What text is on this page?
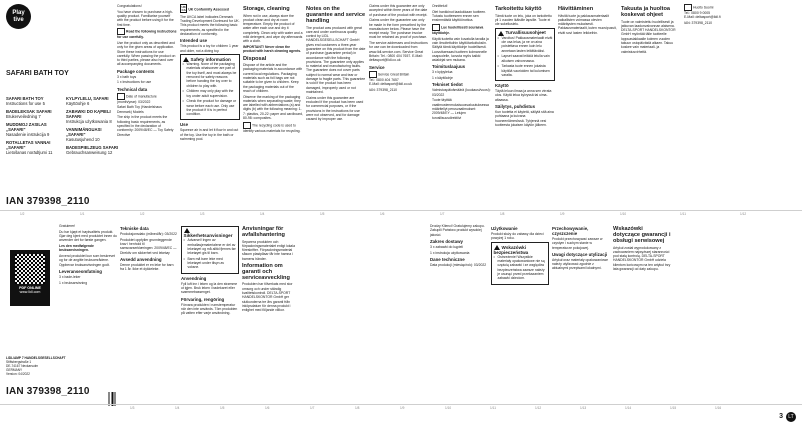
Play
tive
SAFARI BATH TOY
SAFARI BATH TOY
Instructions for use 5
BADELEKSAK SAFARI
Brukerveiledning 7
MUDDMOJ ZASILAS „SAFARI"
Nasadenie instrukcija 9
ROTALLETAS VANNAI „SAFARI"
Lietošanas norādījumi 11
KYLPYLELU, SAFARI
Käyttöohje 6
ZABAWKI DO KĄPIELI SAFARI
Instrukcja użytkowania 8
VANNIMÄNGUASI „SAFARI"
Kasutusjuhend 10
BADESPIELZEUG SAFARI
Gebrauchsanweisung 12
IAN 379398_2110
1/2	1/1	1/2	1/3	1/4	1/5	1/6	1/7	1/8	1/9	1/10	1/11	1/12

Congratulations!

You have chosen to purchase a high-quality product. Familiarise yourself with the product before using it for the first time.

Read the following instructions for use carefully.

Use the product only as described and only for the given areas of application. Store these instructions for use carefully. When passing the product on to third parties, please also hand over all accompanying documents.

Package contents

3 x bath toys

1 x Instructions for use

Technical data

Date of manufacture (month/year): 03/2022

Safari Bath Toy (Handelshaus Denmark) Models

The ship in the product meets the following basic requirements, as specified in the declaration of conformity: 2009/48/EC — Toy Safety Directive

UK
CA UK Conformity Assessed

The UKCA label indicates Denmark Trading Development Dortmund for UK. This product meets the following basic requirements, as specified in the declaration of conformity.

Intended use

This product is a toy for children 1 year and older, not a diving toy.

Safety information

• Warning. None of the packaging materials whatsoever are part of the toy itself, and must always be removed for safety reasons before handing the toy over to children to play with.

• Children may only play with the toy under adult supervision.

• Check the product for damage or wear before each use. Only use the product if it is in perfect condition.

Use

Squeeze air in and let it flow in and out of the toy. Use the toy in the bath or swimming pool.

Storage, cleaning

When not in use, always store the product clean and dry at room temperature. Empty the product of water after each use and dry it completely. Clean only with water and a mild detergent, and wipe dry afterwards with a cloth.

IMPORTANT! Never clean the product with harsh cleaning agents.

Disposal

Dispose of the article and the packaging materials in accordance with current local regulations. Packaging materials such as foil bags are not suitable to be given to children. Keep the packaging materials out of the reach of children.

Observe the marking of the packaging materials when separating waste; they are labelled with abbreviations (a) and digits (b) with the following meaning: 1-7: plastics, 20-22: paper and cardboard, 80-98: composites.

The recycling code is used to identify various materials for recycling.

Notes on the guarantee and service handling

The product was produced with great care and under continuous quality control by LIDL HANDELSGESELLSCHAFT GmbH gives end customers a three-year guarantee on this product from the date of purchase (guarantee period) in accordance with the following provisions. The guarantee only applies to material and manufacturing faults. The guarantee does not cover parts subject to normal wear and tear or damage to fragile parts. This guarantee is void if the product has been damaged, improperly used or not maintained.

Claims under this guarantee are excluded if the product has been used for commercial purposes, or if the provisions in the instructions for use were not observed, and for damage caused by improper use.

Claims under this guarantee are only accepted within three years of the date of purchase of the product with receipt.

Claims under the guarantee can only be made in the form prescribed by the manufacturer below. Please have the receipt ready. The purchase invoice must be retained as proof of purchase.

The service addresses and instructions for use can be downloaded from www.lidl-service.com. Service Great Britain: Tel.: 0800 404 7657. E-Mail: deltasport@lidl.co.uk

Service

Service Great Britain
Tel.: 0800 404 7657
E-Mail: deltasport@lidl.co.uk

IAN: 379398_2110

Onnittelut!

Olet hankkinut laadukkaan tuotteen. Tutustu tuotteeseen ennen sen ensimmäistä käyttöönottoa.

Lue huolellisesti seuraava käyttöohje.

Käytä tuotetta vain kuvatulla tavalla ja vain ilmoitettuihin käyttötarkoituksiin. Säilytä tämä käyttöohje huolellisesti. Luovuttaessasi tuotteen kolmannelle osapuolelle, luovuta myös kaikki asiakirjat sen mukana.

Toimituslaajuus

3 x kylpylelua

1 x käyttöohje

Tekniset tiedot

Valmistuspäivämäärä (kuukausi/vuosi): 03/2022

Tuote täyttää vaatimustenmukaisuusvakuutuksessa määritellyt perusvaatimukset: 2009/48/EY — Lelujen turvallisuusdirektiivi

Tarkoitettu käyttö

Tämä tuote on lelu, joka on tarkoitettu yli 1 vuoden ikäisille lapsille. Tuote ei ole sukelluslelu.

Turvallisuusohjeet

• Varoitus! Pakkausmateriaalit eivät ole osa lelua, ja ne on aina poistettava ennen kuin lelu annetaan lasten leikittäväksi.

• Lapset saavat leikkiä lelulla vain aikuisen valvonnassa.

• Tarkasta tuote ennen jokaista käyttöä vaurioiden tai kulumisen varalta.

Käyttö

Täytä leluun ilmaa ja anna sen virrata ulos. Käytä lelua kylvyssä tai uima-altaassa.

Säilytys, puhdistus

Kun tuotetta ei käytetä, säilytä sitä aina puhtaana ja kuivana huoneenlämmössä. Tyhjennä vesi tuotteesta jokaisen käytön jälkeen.

Hävittäminen

Hävitä tuote ja pakkausmateriaalit paikallisten voimassa olevien määräysten mukaisesti. Pakkausmateriaalit, kuten muovipussit, eivät sovi lasten leikkeihin.

Takuuta ja huoltoa koskevat ohjeet

Tuote on valmistettu huolellisesti ja jatkuvan laadunvalvonnan alaisena. DELTA-SPORT HANDELSKONTOR GmbH myöntää tälle tuotteelle loppuasiakkaalle kolmen vuoden takuun ostopäivästä alkaen. Takuu koskee vain materiaali- ja valmistusvirheitä.

Huolto Suomi
Tel.: 0800 9 0005
E-Mail: deltasport@lidl.fi

IAN: 379398_2110

PDF ONLINE
www.lidl.com
LIDL/AMP 7 HANDELSGESELLSCHAFT
Stiftsbergstraße 1
DE-74167 Neckarsulm
GERMANY
Version: 04/2022
IAN 379398_2110

Gratulerer!

Du har kjøpt et høykvalitets produkt. Gjør deg kjent med produktet innen du anvender det for første gangen.

Les den medfølgende bruksanvisningen.

Anvend produktet kun som beskrevet og for de angitte bruksområdene. Oppbevar bruksanvisningen godt.

Leveranseomfatning

3 x bade-leker

1 x bruksanvisning

Tekniske data

Produksjonsdato (måned/år): 03/2022

Produktet oppfyller grunnleggende krav i henhold til samsvarserklæringen: 2009/48/EC — Direktiv om sikkerhet ved leketøy

Avsedd anvendning

Denne produktet er en leke for barn fra 1 år. Ikke et dykkeleke.

Sikkerhetsanvisninger

• Advarsel! Ingen av emballasjematerialene er del av leketøyet og må alltid fjernes før leketøyet gis til barn.

• Barn må bare leke med leketøyet under tilsyn av voksne.

Anvendning

Fyll luft inn i leken og la den strømme ut igjen. Bruk leken i badekaret eller svømmebassenget.

Förvaring, rengöring

Förvara produkten i rumstemperatur när den inte används. Töm produkten på vatten efter varje användning.

Anvisningar för avfallshantering

Separera produkten och förpackningsmaterialet enligt lokala föreskrifter. Förpackningsmaterial såsom plastpåsar får inte hamna i barnens händer.

Information om garanti och serviceavveckling

Produkten har tillverkats med stor omsorg och under ständig kvalitetskontroll. DELTA-SPORT HANDELSKONTOR GmbH ger slutkunderna tre års garanti från inköpsdatum för denna produkt i enlighet med följande villkor.

Drodzy Klienci! Gratulujemy zakupu. Zakupili Państwo produkt wysokiej jakości.

Zakres dostawy

3 x zabawki do kąpieli

1 x instrukcja użytkowania

Dane techniczne

Data produkcji (miesiąc/rok): 03/2022

Użytkowanie

Produkt służy do zabawy dla dzieci powyżej 1 roku.

Wskazówki bezpieczeństwa

• Ostrzeżenie! Wszystkie materiały opakowaniowe nie są częścią zabawki i ze względów bezpieczeństwa zawsze należy je usunąć przed przekazaniem zabawki dzieciom.

Przechowywanie, czyszczenie

Produkt przechowywać zawsze w czystym i suchym stanie w temperaturze pokojowej.

Uwagi dotyczące utylizacji

Artykuł oraz materiały opakowaniowe należy utylizować zgodnie z aktualnymi przepisami lokalnymi.

Wskazówki dotyczące gwarancji i obsługi serwisowej

Artykuł został wyprodukowany z zachowaniem najwyższej staranności pod stałą kontrolą. DELTA-SPORT HANDELSKONTOR GmbH udziela klientom końcowym na ten artykuł trzy lata gwarancji od daty zakupu.

1/3	1/4	1/5	1/6	1/7	1/8	1/9	1/10	1/11	1/12	1/13	1/14	1/15	1/16
3	LT
